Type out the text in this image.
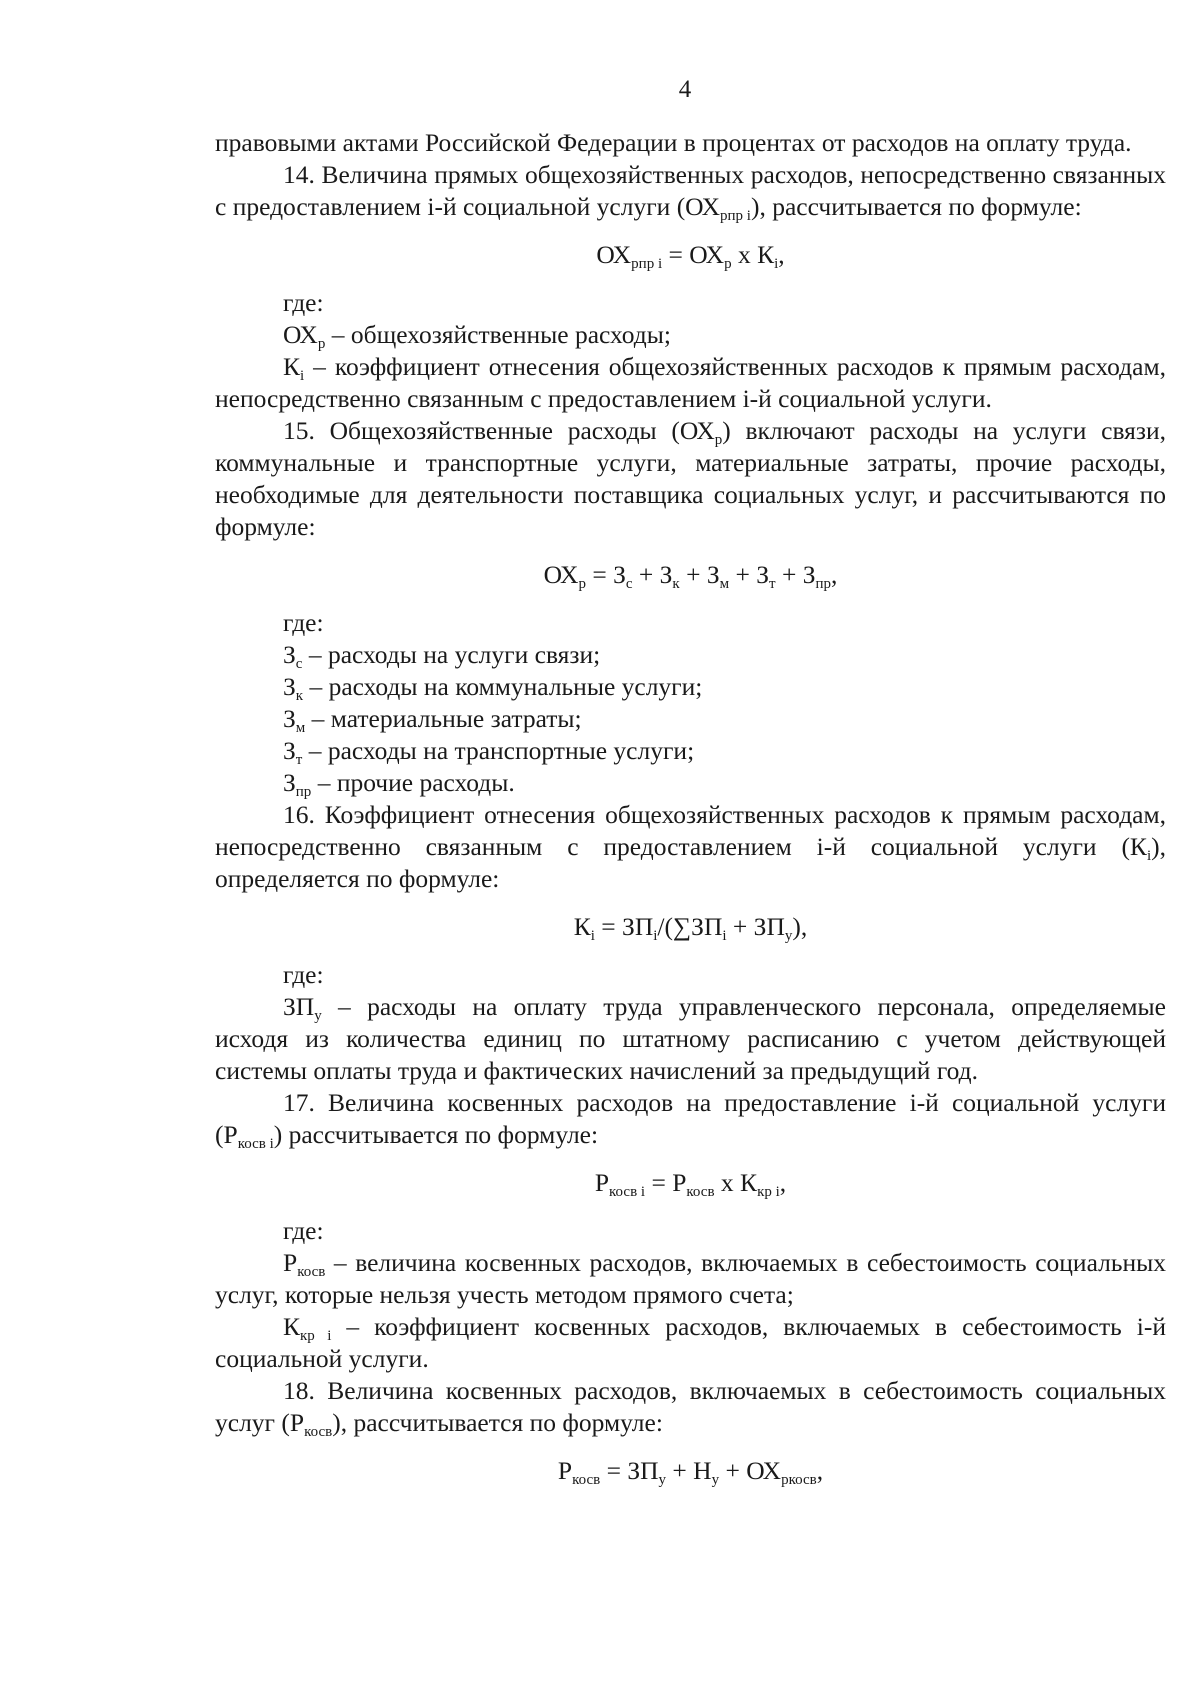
4

правовыми актами Российской Федерации в процентах от расходов на оплату труда.

14. Величина прямых общехозяйственных расходов, непосредственно связанных с предоставлением i-й социальной услуги $(ОХ_{рпр i})$, рассчитывается по формуле:

$ОХ_{рпр i} = ОХ_р$ х $К_i$,

где:

$ОХ_р$ – общехозяйственные расходы;

$К_i$ – коэффициент отнесения общехозяйственных расходов к прямым расходам, непосредственно связанным с предоставлением i-й социальной услуги.

15. Общехозяйственные расходы $(ОХ_р)$ включают расходы на услуги связи, коммунальные и транспортные услуги, материальные затраты, прочие расходы, необходимые для деятельности поставщика социальных услуг, и рассчитываются по формуле:

$ОХ_р = З_с + З_к + З_м + З_т + З_{пр}$,

где:

$З_с$ – расходы на услуги связи;

$З_к$ – расходы на коммунальные услуги;

$З_м$ – материальные затраты;

$З_т$ – расходы на транспортные услуги;

$З_{пр}$ – прочие расходы.

16. Коэффициент отнесения общехозяйственных расходов к прямым расходам, непосредственно связанным с предоставлением i-й социальной услуги $(К_i)$, определяется по формуле:

$К_i = ЗП_i/(\sum ЗП_i + ЗП_у)$,

где:

$ЗП_у$ – расходы на оплату труда управленческого персонала, определяемые исходя из количества единиц по штатному расписанию с учетом действующей системы оплаты труда и фактических начислений за предыдущий год.

17. Величина косвенных расходов на предоставление i-й социальной услуги $(Р_{косв i})$ рассчитывается по формуле:

$Р_{косв i} = Р_{косв}$ х $К_{кр i}$,

где:

$Р_{косв}$ – величина косвенных расходов, включаемых в себестоимость социальных услуг, которые нельзя учесть методом прямого счета;

$К_{кр i}$ – коэффициент косвенных расходов, включаемых в себестоимость i-й социальной услуги.

18. Величина косвенных расходов, включаемых в себестоимость социальных услуг $(Р_{косв})$, рассчитывается по формуле:

$Р_{косв} = ЗП_у + Н_у + ОХ_{ркосв}$,
